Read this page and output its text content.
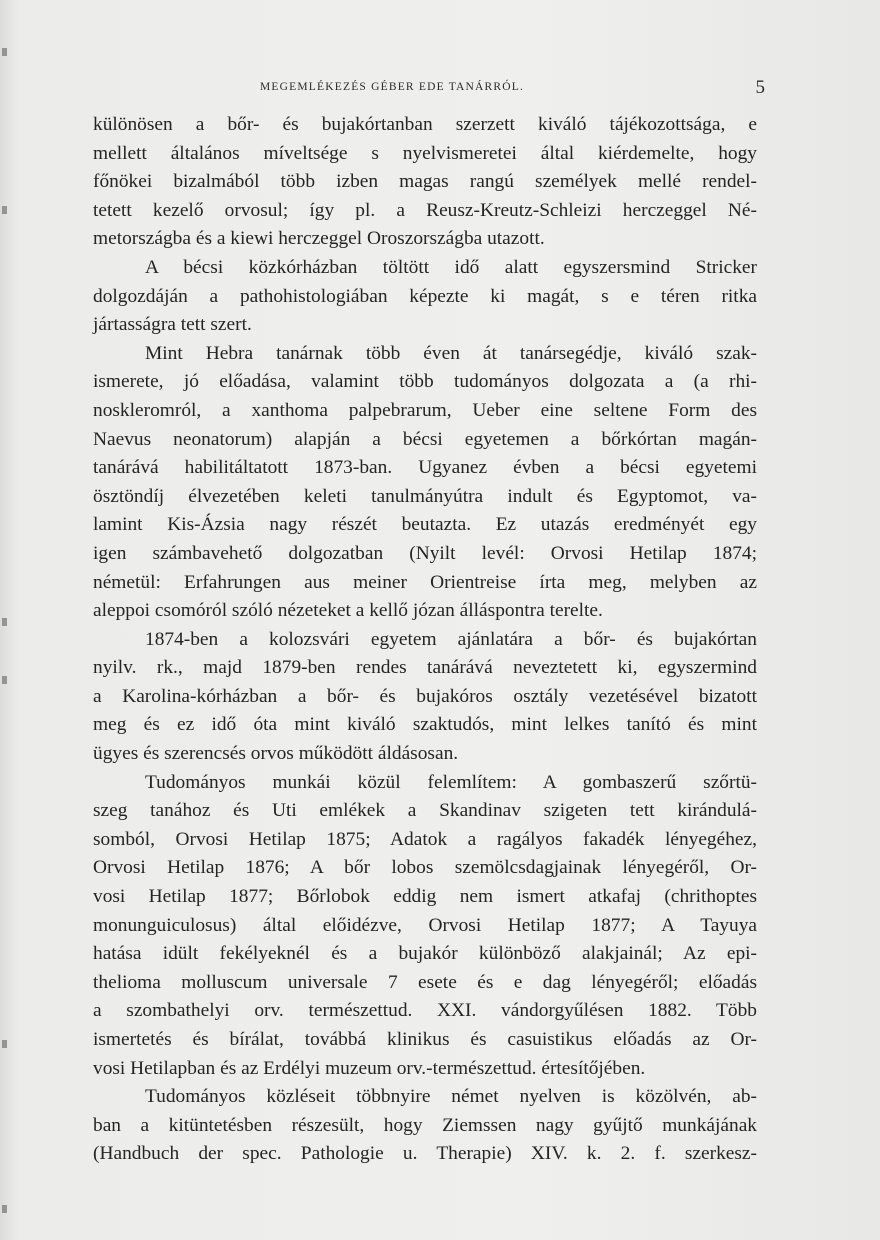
MEGEMLÉKEZÉS GÉBER EDE TANÁRRÓL.	5
különösen a bőr- és bujakórtanban szerzett kiváló tájékozottsága, e
mellett általános míveltsége s nyelvismeretei által kiérdemelte, hogy
főnökei bizalmából több izben magas rangú személyek mellé rendel-
tetett kezelő orvosul; így pl. a Reusz-Kreutz-Schleizi herczeggel Né-
metországba és a kiewi herczeggel Oroszországba utazott.
A bécsi közkórházban töltött idő alatt egyszersmind Stricker
dolgozdáján a pathohistologiában képezte ki magát, s e téren ritka
jártasságra tett szert.
Mint Hebra tanárnak több éven át tanársegédje, kiváló szak-
ismerete, jó előadása, valamint több tudományos dolgozata a (a rhi-
noskleromról, a xanthoma palpebrarum, Ueber eine seltene Form des
Naevus neonatorum) alapján a bécsi egyetemen a bőrkórtan magán-
tanárává habilitáltatott 1873-ban. Ugyanez évben a bécsi egyetemi
ösztöndíj élvezetében keleti tanulmányútra indult és Egyptomot, va-
lamint Kis-Ázsia nagy részét beutazta. Ez utazás eredményét egy
igen számbavehető dolgozatban (Nyilt levél: Orvosi Hetilap 1874;
németül: Erfahrungen aus meiner Orientreise írta meg, melyben az
aleppoi csomóról szóló nézeteket a kellő józan álláspontra terelte.
1874-ben a kolozsvári egyetem ajánlatára a bőr- és bujakórtan
nyilv. rk., majd 1879-ben rendes tanárává neveztetett ki, egyszermind
a Karolina-kórházban a bőr- és bujakóros osztály vezetésével bizatott
meg és ez idő óta mint kiváló szaktudós, mint lelkes tanító és mint
ügyes és szerencsés orvos működött áldásosan.
Tudományos munkái közül felemlítem: A gombaszerű szőrtü-
szeg tanához és Uti emlékek a Skandinav szigeten tett kirándulá-
somból, Orvosi Hetilap 1875; Adatok a ragályos fakadék lényegéhez,
Orvosi Hetilap 1876; A bőr lobos szemölcsdagjainak lényegéről, Or-
vosi Hetilap 1877; Bőrlobok eddig nem ismert atkafaj (chrithoptes
monunguiculosus) által előidézve, Orvosi Hetilap 1877; A Tayuya
hatása idült fekélyeknél és a bujakór különböző alakjainál; Az epi-
thelioma molluscum universale 7 esete és e dag lényegéről; előadás
a szombathelyi orv. természettud. XXI. vándorgyűlésen 1882. Több
ismertetés és bírálat, továbbá klinikus és casuistikus előadás az Or-
vosi Hetilapban és az Erdélyi muzeum orv.-természettud. értesítőjében.
Tudományos közléseit többnyire német nyelven is közölvén, ab-
ban a kitüntetésben részesült, hogy Ziemssen nagy gyűjtő munkájának
(Handbuch der spec. Pathologie u. Therapie) XIV. k. 2. f. szerkesz-
